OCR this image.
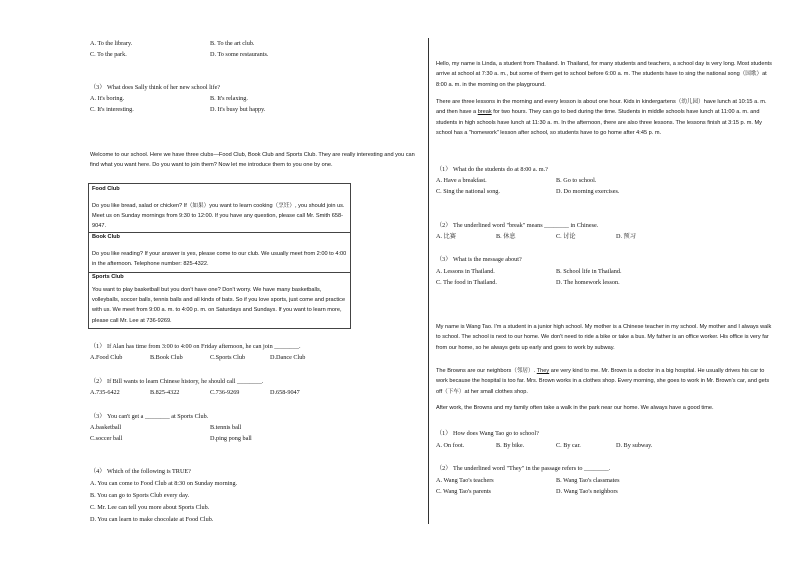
A. To the library.	B. To the art club.
C. To the park.	D. To some restaurants.
（3） What does Sally think of her new school life?
A. It's boring.	B. It's relaxing.
C. It's interesting.	D. It's busy but happy.
Welcome to our school. Here we have three clubs—Food Club, Book Club and Sports Club. They are really interesting and you can find what you want here. Do you want to join them? Now let me introduce them to you one by one.
Food Club
Do you like bread, salad or chicken? If（如果）you want to learn cooking（烹饪）, you should join us. Meet us on Sunday mornings from 9:30 to 12:00. If you have any question, please call Mr. Smith 658-9047.
Book Club
Do you like reading? If your answer is yes, please come to our club. We usually meet from 2:00 to 4:00 in the afternoon. Telephone number: 825-4322.
Sports Club
You want to play basketball but you don't have one? Don't worry. We have many basketballs, volleyballs, soccer balls, tennis balls and all kinds of bats. So if you love sports, just come and practice with us. We meet from 9:00 a. m. to 4:00 p. m. on Saturdays and Sundays. If you want to learn more, please call Mr. Lee at 736-9269.
（1） If Alan has time from 3:00 to 4:00 on Friday afternoon, he can join ________.
A.Food Club	B.Book Club	C.Sports Club	D.Dance Club
（2） If Bill wants to learn Chinese history, he should call ________.
A.735-6422	B.825-4322	C.736-9269	D.658-9047
（3） You can't get a ________ at Sports Club.
A.basketball	B.tennis ball
C.soccer ball	D.ping pong ball
（4） Which of the following is TRUE?
A. You can come to Food Club at 8:30 on Sunday morning.
B. You can go to Sports Club every day.
C. Mr. Lee can tell you more about Sports Club.
D. You can learn to make chocolate at Food Club.
Hello, my name is Linda, a student from Thailand. In Thailand, for many students and teachers, a school day is very long. Most students arrive at school at 7:30 a. m., but some of them get to school before 6:00 a. m. The students have to sing the national song（国歌）at 8:00 a. m. in the morning on the playground.
There are three lessons in the morning and every lesson is about one hour. Kids in kindergartens（幼儿园）have lunch at 10:15 a. m. and then have a break for two hours. They can go to bed during the time. Students in middle schools have lunch at 11:00 a. m. and students in high schools have lunch at 11:30 a. m. In the afternoon, there are also three lessons. The lessons finish at 3:15 p. m. My school has a "homework" lesson after school, so students have to go home after 4:45 p. m.
（1） What do the students do at 8:00 a. m.?
A. Have a breakfast.	B. Go to school.
C. Sing the national song.	D. Do morning exercises.
（2） The underlined word "break" means ________ in Chinese.
A. 比赛	B. 休息	C. 讨论	D. 预习
（3） What is the message about?
A. Lessons in Thailand.	B. School life in Thailand.
C. The food in Thailand.	D. The homework lesson.
My name is Wang Tao. I'm a student in a junior high school. My mother is a Chinese teacher in my school. My mother and I always walk to school. The school is next to our home. We don't need to ride a bike or take a bus. My father is an office worker. His office is very far from our home, so he always gets up early and goes to work by subway.
The Browns are our neighbors（邻居）. They are very kind to me. Mr. Brown is a doctor in a big hospital. He usually drives his car to work because the hospital is too far. Mrs. Brown works in a clothes shop. Every morning, she goes to work in Mr. Brown's car, and gets off（下车）at her small clothes shop.
After work, the Browns and my family often take a walk in the park near our home. We always have a good time.
（1） How does Wang Tao go to school?
A. On foot.	B. By bike.	C. By car.	D. By subway.
（2） The underlined word "They" in the passage refers to ________.
A. Wang Tao's teachers	B. Wang Tao's classmates
C. Wang Tao's parents	D. Wang Tao's neighbors
